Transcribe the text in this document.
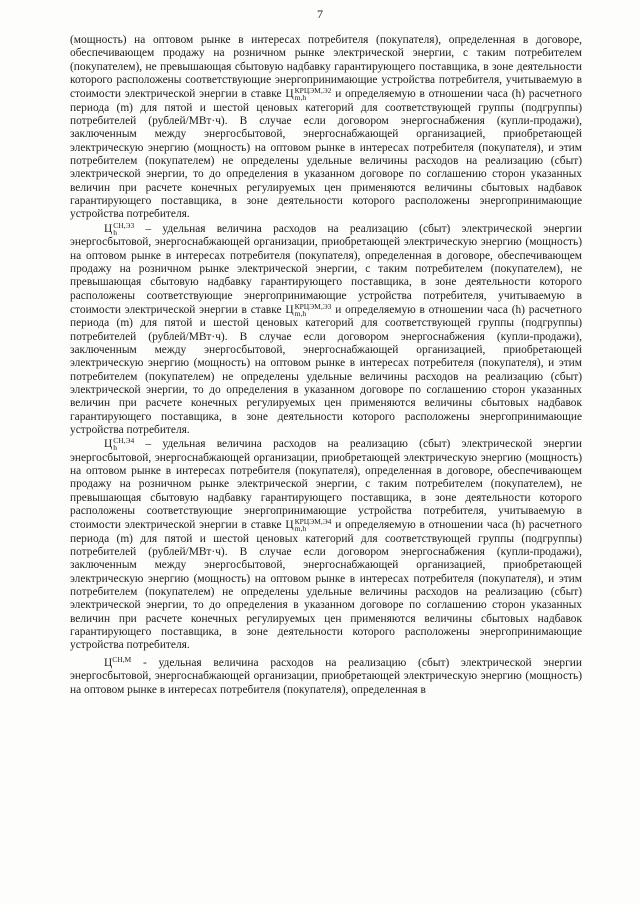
7

(мощность) на оптовом рынке в интересах потребителя (покупателя), определенная в договоре, обеспечивающем продажу на розничном рынке электрической энергии, с таким потребителем (покупателем), не превышающая сбытовую надбавку гарантирующего поставщика, в зоне деятельности которого расположены соответствующие энергопринимающие устройства потребителя, учитываемую в стоимости электрической энергии в ставке Ц КРЦЭМ,Э2
m,h	и определяемую в отношении часа (h) расчетного периода (m) для пятой и шестой ценовых категорий для соответствующей группы (подгруппы) потребителей (рублей/МВт·ч). В случае если договором энергоснабжения (купли-продажи), заключенным между энергосбытовой, энергоснабжающей организацией, приобретающей электрическую энергию (мощность) на оптовом рынке в интересах потребителя (покупателя), и этим потребителем (покупателем) не определены удельные величины расходов на реализацию (сбыт) электрической энергии, то до определения в указанном договоре по соглашению сторон указанных величин при расчете конечных регулируемых цен применяются величины сбытовых надбавок гарантирующего поставщика, в зоне деятельности которого расположены энергопринимающие устройства потребителя.

Ц СН,Э3
h	– удельная величина расходов на реализацию (сбыт) электрической энергии энергосбытовой, энергоснабжающей организации, приобретающей электрическую энергию (мощность) на оптовом рынке в интересах потребителя (покупателя), определенная в договоре, обеспечивающем продажу на розничном рынке электрической энергии, с таким потребителем (покупателем), не превышающая сбытовую надбавку гарантирующего поставщика, в зоне деятельности которого расположены соответствующие энергопринимающие устройства потребителя, учитываемую в стоимости электрической энергии в ставке Ц КРЦЭМ,Э3
m,h	и определяемую в отношении часа (h) расчетного периода (m) для пятой и шестой ценовых категорий для соответствующей группы (подгруппы) потребителей (рублей/МВт·ч). В случае если договором энергоснабжения (купли-продажи), заключенным между энергосбытовой, энергоснабжающей организацией, приобретающей электрическую энергию (мощность) на оптовом рынке в интересах потребителя (покупателя), и этим потребителем (покупателем) не определены удельные величины расходов на реализацию (сбыт) электрической энергии, то до определения в указанном договоре по соглашению сторон указанных величин при расчете конечных регулируемых цен применяются величины сбытовых надбавок гарантирующего поставщика, в зоне деятельности которого расположены энергопринимающие устройства потребителя.

Ц СН,Э4
h	– удельная величина расходов на реализацию (сбыт) электрической энергии энергосбытовой, энергоснабжающей организации, приобретающей электрическую энергию (мощность) на оптовом рынке в интересах потребителя (покупателя), определенная в договоре, обеспечивающем продажу на розничном рынке электрической энергии, с таким потребителем (покупателем), не превышающая сбытовую надбавку гарантирующего поставщика, в зоне деятельности которого расположены соответствующие энергопринимающие устройства потребителя, учитываемую в стоимости электрической энергии в ставке Ц КРЦЭМ,Э4
m,h	и определяемую в отношении часа (h) расчетного периода (m) для пятой и шестой ценовых категорий для соответствующей группы (подгруппы) потребителей (рублей/МВт·ч). В случае если договором энергоснабжения (купли-продажи), заключенным между энергосбытовой, энергоснабжающей организацией, приобретающей электрическую энергию (мощность) на оптовом рынке в интересах потребителя (покупателя), и этим потребителем (покупателем) не определены удельные величины расходов на реализацию (сбыт) электрической энергии, то до определения в указанном договоре по соглашению сторон указанных величин при расчете конечных регулируемых цен применяются величины сбытовых надбавок гарантирующего поставщика, в зоне деятельности которого расположены энергопринимающие устройства потребителя.

$Ц^{СН,М}$ - удельная величина расходов на реализацию (сбыт) электрической энергии энергосбытовой, энергоснабжающей организации, приобретающей электрическую энергию (мощность) на оптовом рынке в интересах потребителя (покупателя), определенная в
